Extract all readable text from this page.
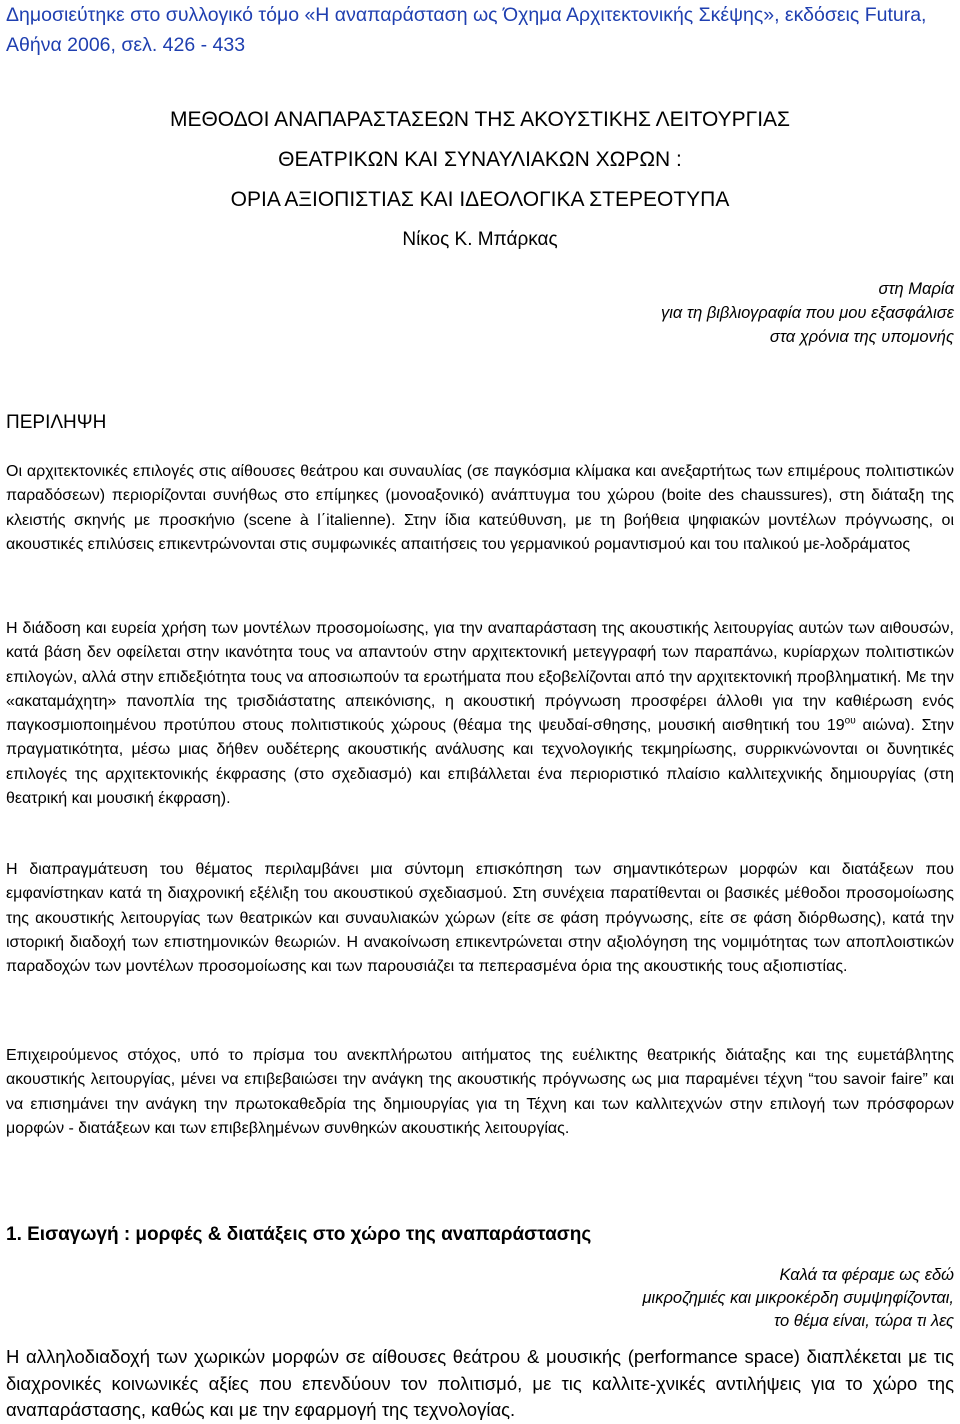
Δημοσιεύτηκε στο συλλογικό τόμο «Η αναπαράσταση ως Όχημα Αρχιτεκτονικής Σκέψης», εκδόσεις Futura, Αθήνα 2006, σελ. 426 - 433
ΜΕΘΟΔΟΙ ΑΝΑΠΑΡΑΣΤΑΣΕΩΝ ΤΗΣ ΑΚΟΥΣΤΙΚΗΣ ΛΕΙΤΟΥΡΓΙΑΣ
ΘΕΑΤΡΙΚΩΝ ΚΑΙ ΣΥΝΑΥΛΙΑΚΩΝ ΧΩΡΩΝ :
ΟΡΙΑ ΑΞΙΟΠΙΣΤΙΑΣ ΚΑΙ ΙΔΕΟΛΟΓΙΚΑ ΣΤΕΡΕΟΤΥΠΑ
Νίκος Κ. Μπάρκας
στη Μαρία
για τη βιβλιογραφία που μου εξασφάλισε
στα χρόνια της υπομονής
ΠΕΡΙΛΗΨΗ
Οι αρχιτεκτονικές επιλογές στις αίθουσες θεάτρου και συναυλίας (σε παγκόσμια κλίμακα και ανεξαρτήτως των επιμέρους πολιτιστικών παραδόσεων) περιορίζονται συνήθως στο επίμηκες (μονοαξονικό) ανάπτυγμα του χώρου (boite des chaussures), στη διάταξη της κλειστής σκηνής με προσκήνιο (scene à l΄italienne). Στην ίδια κατεύθυνση, με τη βοήθεια ψηφιακών μοντέλων πρόγνωσης, οι ακουστικές επιλύσεις επικεντρώνονται στις συμφωνικές απαιτήσεις του γερμανικού ρομαντισμού και του ιταλικού με-λοδράματος
Η διάδοση και ευρεία χρήση των μοντέλων προσομοίωσης, για την αναπαράσταση της ακουστικής λειτουργίας αυτών των αιθουσών, κατά βάση δεν οφείλεται στην ικανότητα τους να απαντούν στην αρχιτεκτονική μετεγγραφή των παραπάνω, κυρίαρχων πολιτιστικών επιλογών, αλλά στην επιδεξιότητα τους να αποσιωπούν τα ερωτήματα που εξοβελίζονται από την αρχιτεκτονική προβληματική. Με την «ακαταμάχητη» πανοπλία της τρισδιάστατης απεικόνισης, η ακουστική πρόγνωση προσφέρει άλλοθι για την καθιέρωση ενός παγκοσμιοποιημένου προτύπου στους πολιτιστικούς χώρους (θέαμα της ψευδαί-σθησης, μουσική αισθητική του $19^{o\upsilon}$ αιώνα). Στην πραγματικότητα, μέσω μιας δήθεν ουδέτερης ακουστικής ανάλυσης και τεχνολογικής τεκμηρίωσης, συρρικνώνονται οι δυνητικές επιλογές της αρχιτεκτονικής έκφρασης (στο σχεδιασμό) και επιβάλλεται ένα περιοριστικό πλαίσιο καλλιτεχνικής δημιουργίας (στη θεατρική και μουσική έκφραση).
Η διαπραγμάτευση του θέματος περιλαμβάνει μια σύντομη επισκόπηση των σημαντικότερων μορφών και διατάξεων που εμφανίστηκαν κατά τη διαχρονική εξέλιξη του ακουστικού σχεδιασμού. Στη συνέχεια παρατίθενται οι βασικές μέθοδοι προσομοίωσης της ακουστικής λειτουργίας των θεατρικών και συναυλιακών χώρων (είτε σε φάση πρόγνωσης, είτε σε φάση διόρθωσης), κατά την ιστορική διαδοχή των επιστημονικών θεωριών. Η ανακοίνωση επικεντρώνεται στην αξιολόγηση της νομιμότητας των αποπλοιστικών παραδοχών των μοντέλων προσομοίωσης και των παρουσιάζει τα πεπερασμένα όρια της ακουστικής τους αξιοπιστίας.
Επιχειρούμενος στόχος, υπό το πρίσμα του ανεκπλήρωτου αιτήματος της ευέλικτης θεατρικής διάταξης και της ευμετάβλητης ακουστικής λειτουργίας, μένει να επιβεβαιώσει την ανάγκη της ακουστικής πρόγνωσης ως μια παραμένει τέχνη “του savoir faire” και να επισημάνει την ανάγκη την πρωτοκαθεδρία της δημιουργίας για τη Τέχνη και των καλλιτεχνών στην επιλογή των πρόσφορων μορφών - διατάξεων και των επιβεβλημένων συνθηκών ακουστικής λειτουργίας.
1. Εισαγωγή : μορφές & διατάξεις στο χώρο της αναπαράστασης
Καλά τα φέραμε ως εδώ
μικροζημιές και μικροκέρδη συμψηφίζονται,
το θέμα είναι, τώρα τι λες
Η αλληλοδιαδοχή των χωρικών μορφών σε αίθουσες θεάτρου & μουσικής (performance space) διαπλέκεται με τις διαχρονικές κοινωνικές αξίες που επενδύουν τον πολιτισμό, με τις καλλιτε-χνικές αντιλήψεις για το χώρο της αναπαράστασης, καθώς και με την εφαρμογή της τεχνολογίας.
